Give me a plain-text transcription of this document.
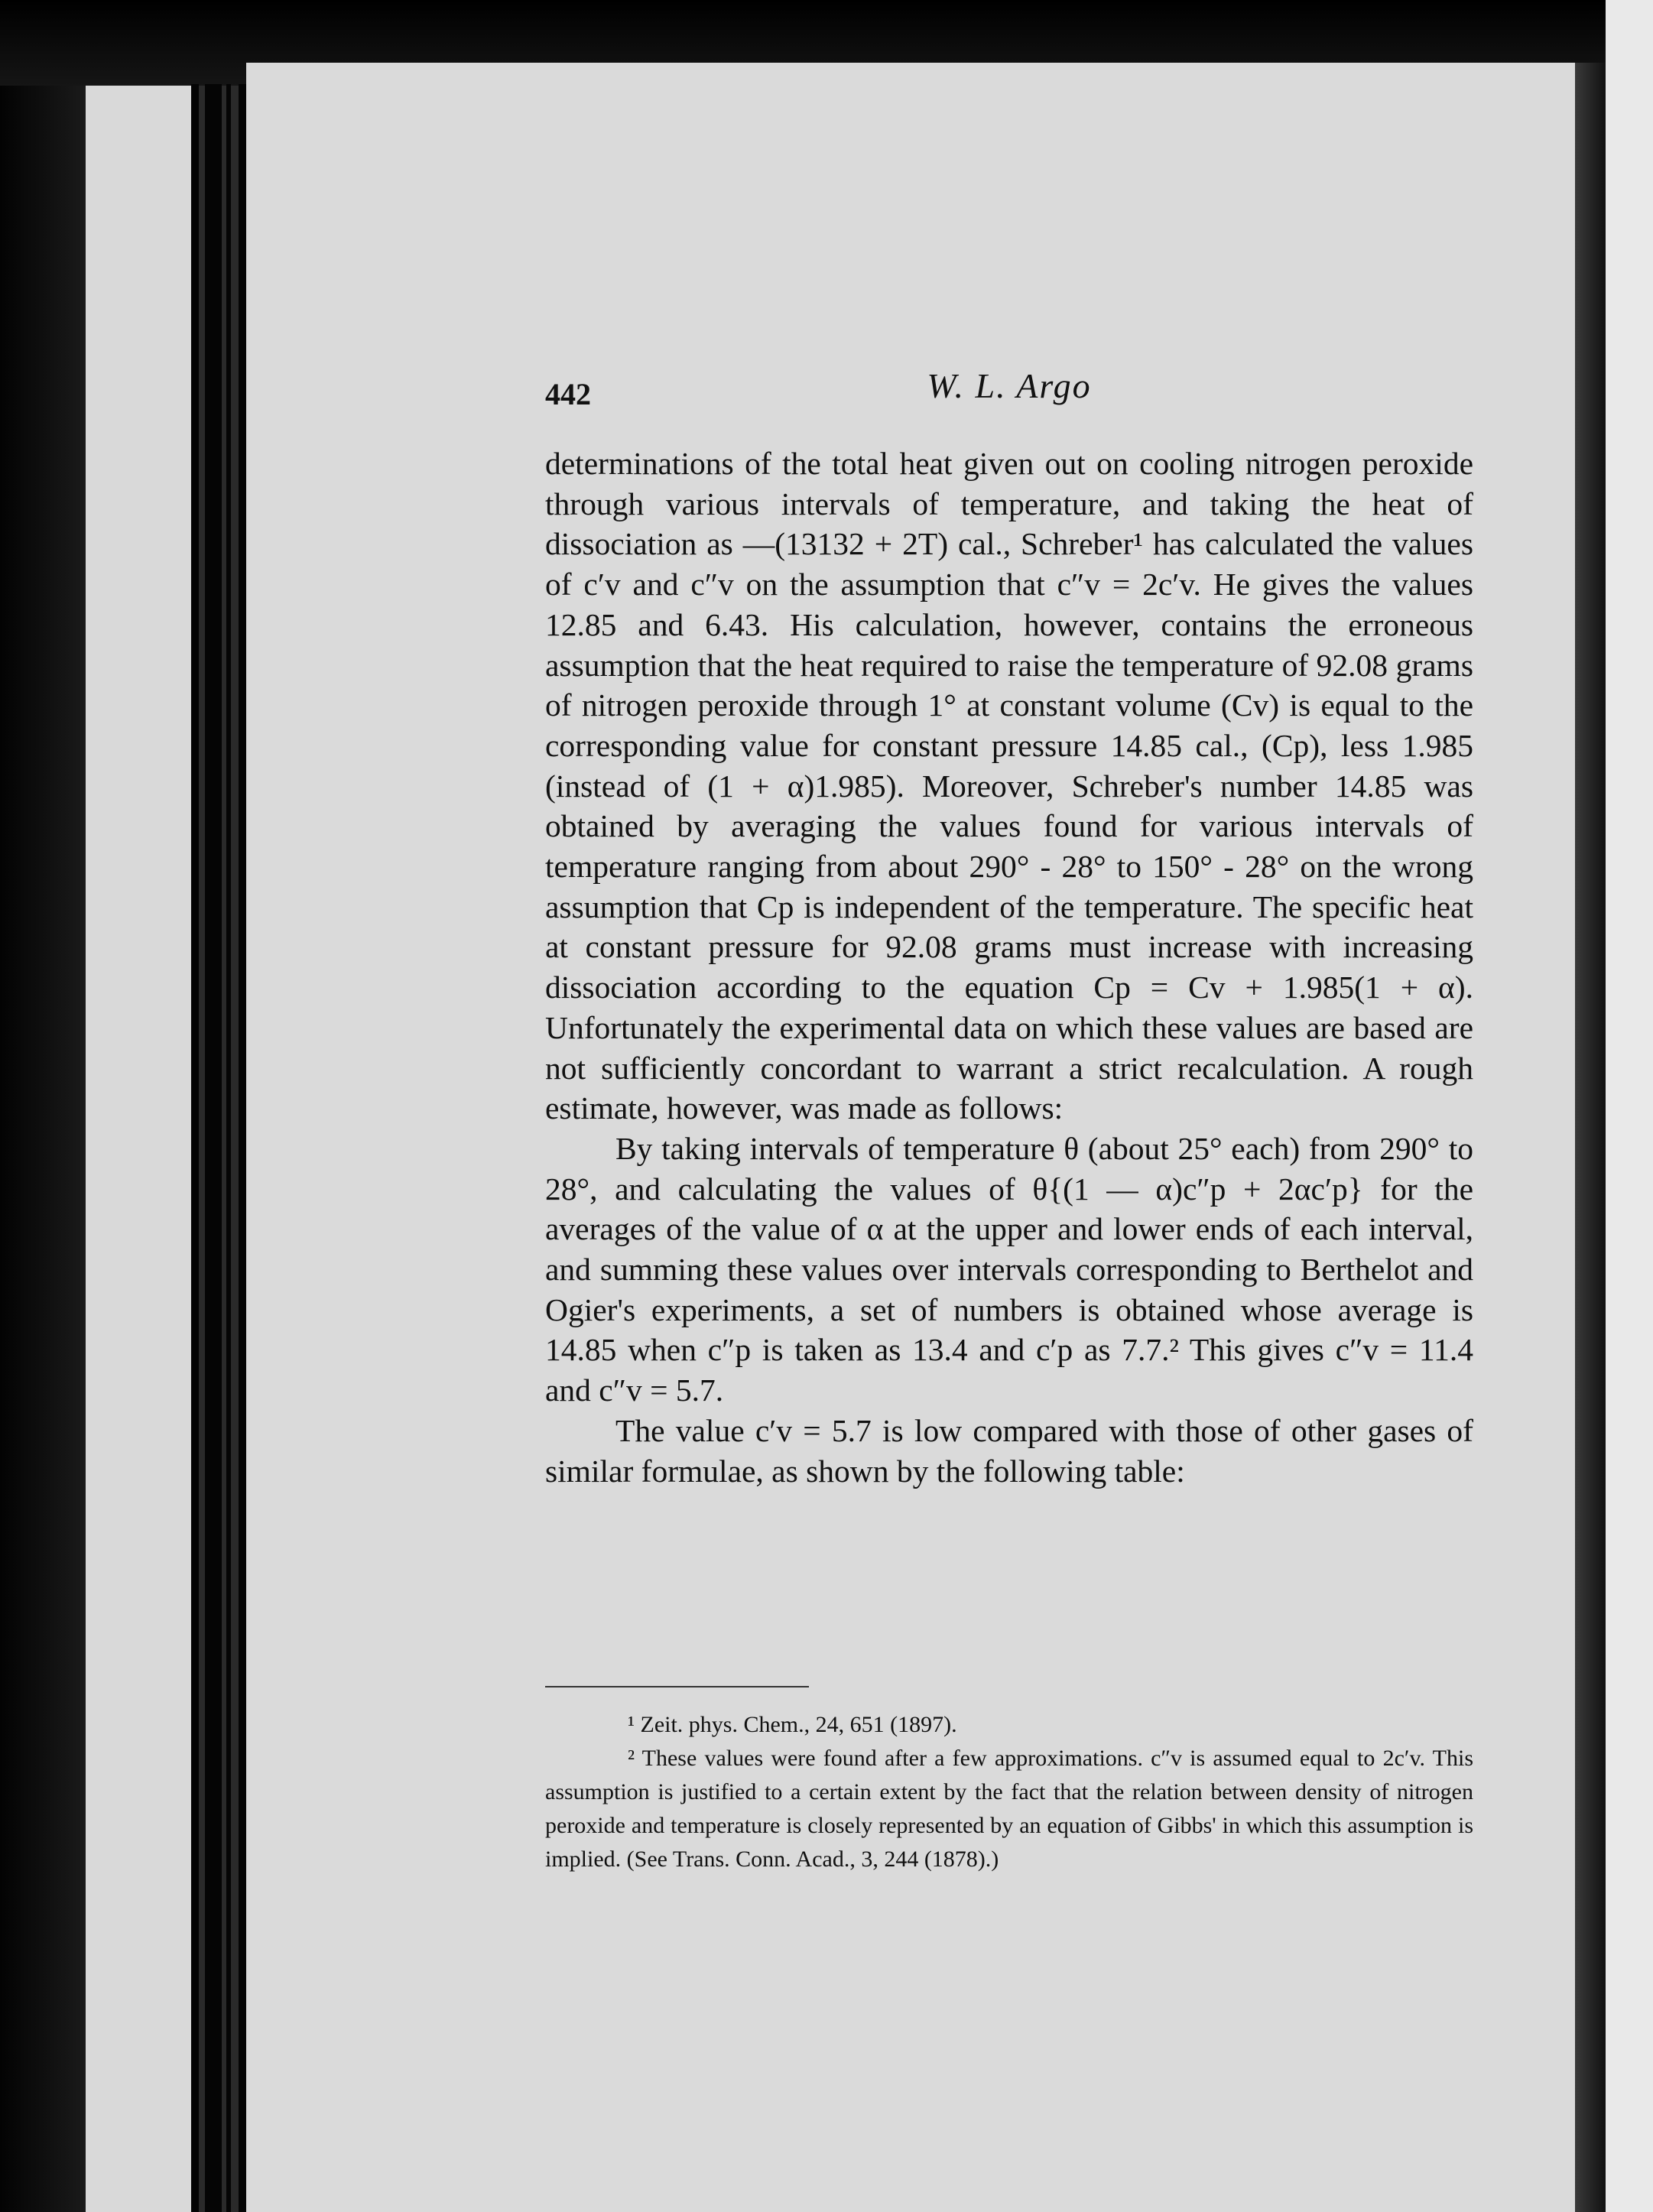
442	W. L. Argo

determinations of the total heat given out on cooling nitrogen peroxide through various intervals of temperature, and taking the heat of dissociation as —(13132 + 2T) cal., Schreber¹ has calculated the values of c′v and c″v on the assumption that c″v = 2c′v. He gives the values 12.85 and 6.43. His calculation, however, contains the erroneous assumption that the heat required to raise the temperature of 92.08 grams of nitrogen peroxide through 1° at constant volume (Cv) is equal to the corresponding value for constant pressure 14.85 cal., (Cp), less 1.985 (instead of (1 + α)1.985). Moreover, Schreber's number 14.85 was obtained by averaging the values found for various intervals of temperature ranging from about 290° - 28° to 150° - 28° on the wrong assumption that Cp is independent of the temperature. The specific heat at constant pressure for 92.08 grams must increase with increasing dissociation according to the equation Cp = Cv + 1.985(1 + α). Unfortunately the experimental data on which these values are based are not sufficiently concordant to warrant a strict recalculation. A rough estimate, however, was made as follows:

By taking intervals of temperature θ (about 25° each) from 290° to 28°, and calculating the values of θ{(1 — α)c″p + 2αc′p} for the averages of the value of α at the upper and lower ends of each interval, and summing these values over intervals corresponding to Berthelot and Ogier's experiments, a set of numbers is obtained whose average is 14.85 when c″p is taken as 13.4 and c′p as 7.7.² This gives c″v = 11.4 and c″v = 5.7.

The value c′v = 5.7 is low compared with those of other gases of similar formulae, as shown by the following table:

¹ Zeit. phys. Chem., 24, 651 (1897).

² These values were found after a few approximations. c″v is assumed equal to 2c′v. This assumption is justified to a certain extent by the fact that the relation between density of nitrogen peroxide and temperature is closely represented by an equation of Gibbs' in which this assumption is implied. (See Trans. Conn. Acad., 3, 244 (1878).)
